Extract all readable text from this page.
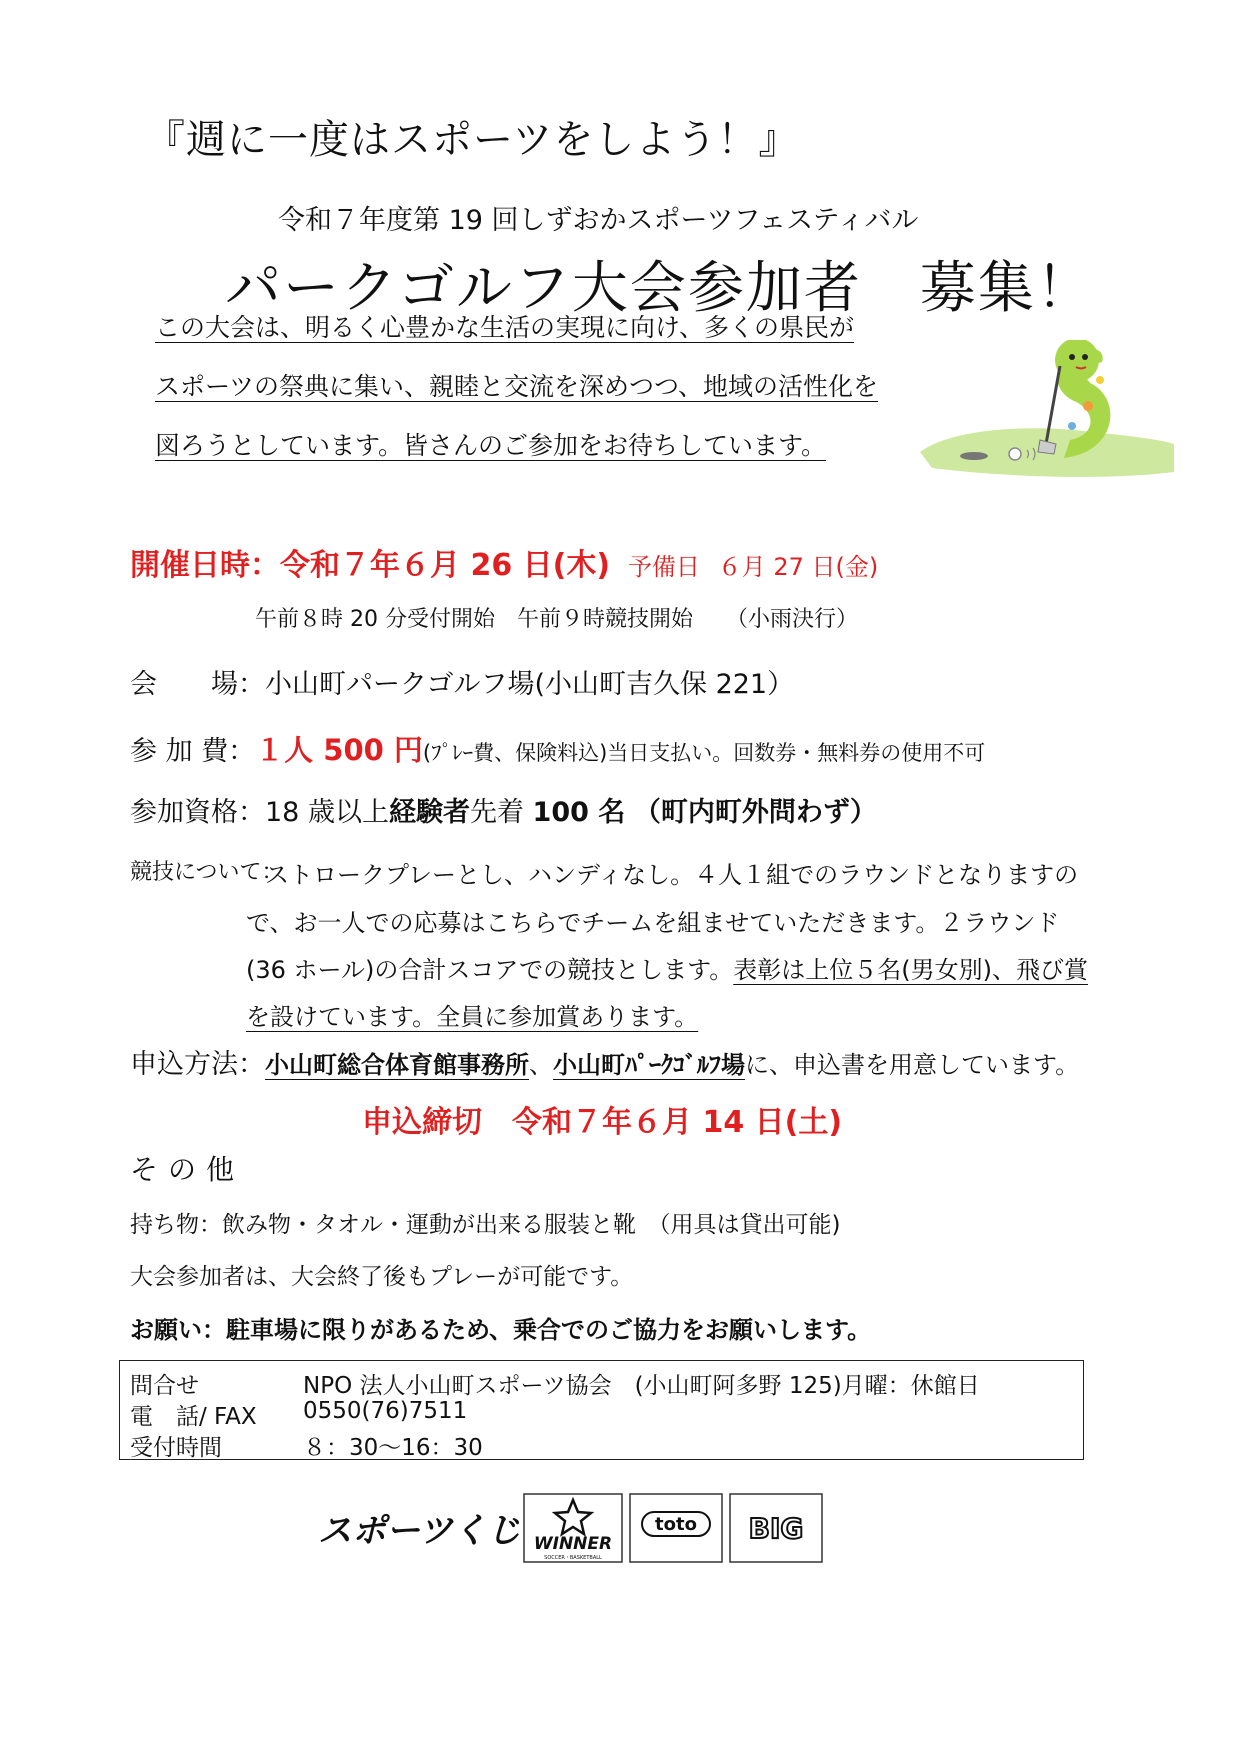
『週に一度はスポーツをしよう！』
令和７年度第 19 回しずおかスポーツフェスティバル
パークゴルフ大会参加者　募集！
この大会は、明るく心豊かな生活の実現に向け、多くの県民が
スポーツの祭典に集い、親睦と交流を深めつつ、地域の活性化を
図ろうとしています。皆さんのご参加をお待ちしています。
開催日時：令和７年６月 26 日(木) 予備日 ６月 27 日(金)
午前８時 20 分受付開始　午前９時競技開始　　（小雨決行）
会　　場：小山町パークゴルフ場(小山町吉久保 221）
参 加 費：１人 500 円(ﾌﾟﾚｰ費、保険料込)当日支払い。回数券・無料券の使用不可
参加資格：18 歳以上経験者先着 100 名 （町内町外問わず）
競技について：
ストロークプレーとし、ハンディなし。４人１組でのラウンドとなりますの
で、お一人での応募はこちらでチームを組ませていただきます。２ラウンド
(36 ホール)の合計スコアでの競技とします。表彰は上位５名(男女別)、飛び賞
を設けています。全員に参加賞あります。
申込方法：小山町総合体育館事務所、小山町ﾊﾟｰｸｺﾞﾙﾌ場に、申込書を用意しています。
申込締切　令和７年６月 14 日(土)
その他
持ち物：飲み物・タオル・運動が出来る服装と靴　（用具は貸出可能)
大会参加者は、大会終了後もプレーが可能です。
お願い：駐車場に限りがあるため、乗合でのご協力をお願いします。
問合せ	NPO 法人小山町スポーツ協会　(小山町阿多野 125)月曜：休館日
電　話/ FAX 0550(76)7511
受付時間	８：30～16：30
スポーツくじ WINNER
SOCCER・BASKETBALL
toto BIG
